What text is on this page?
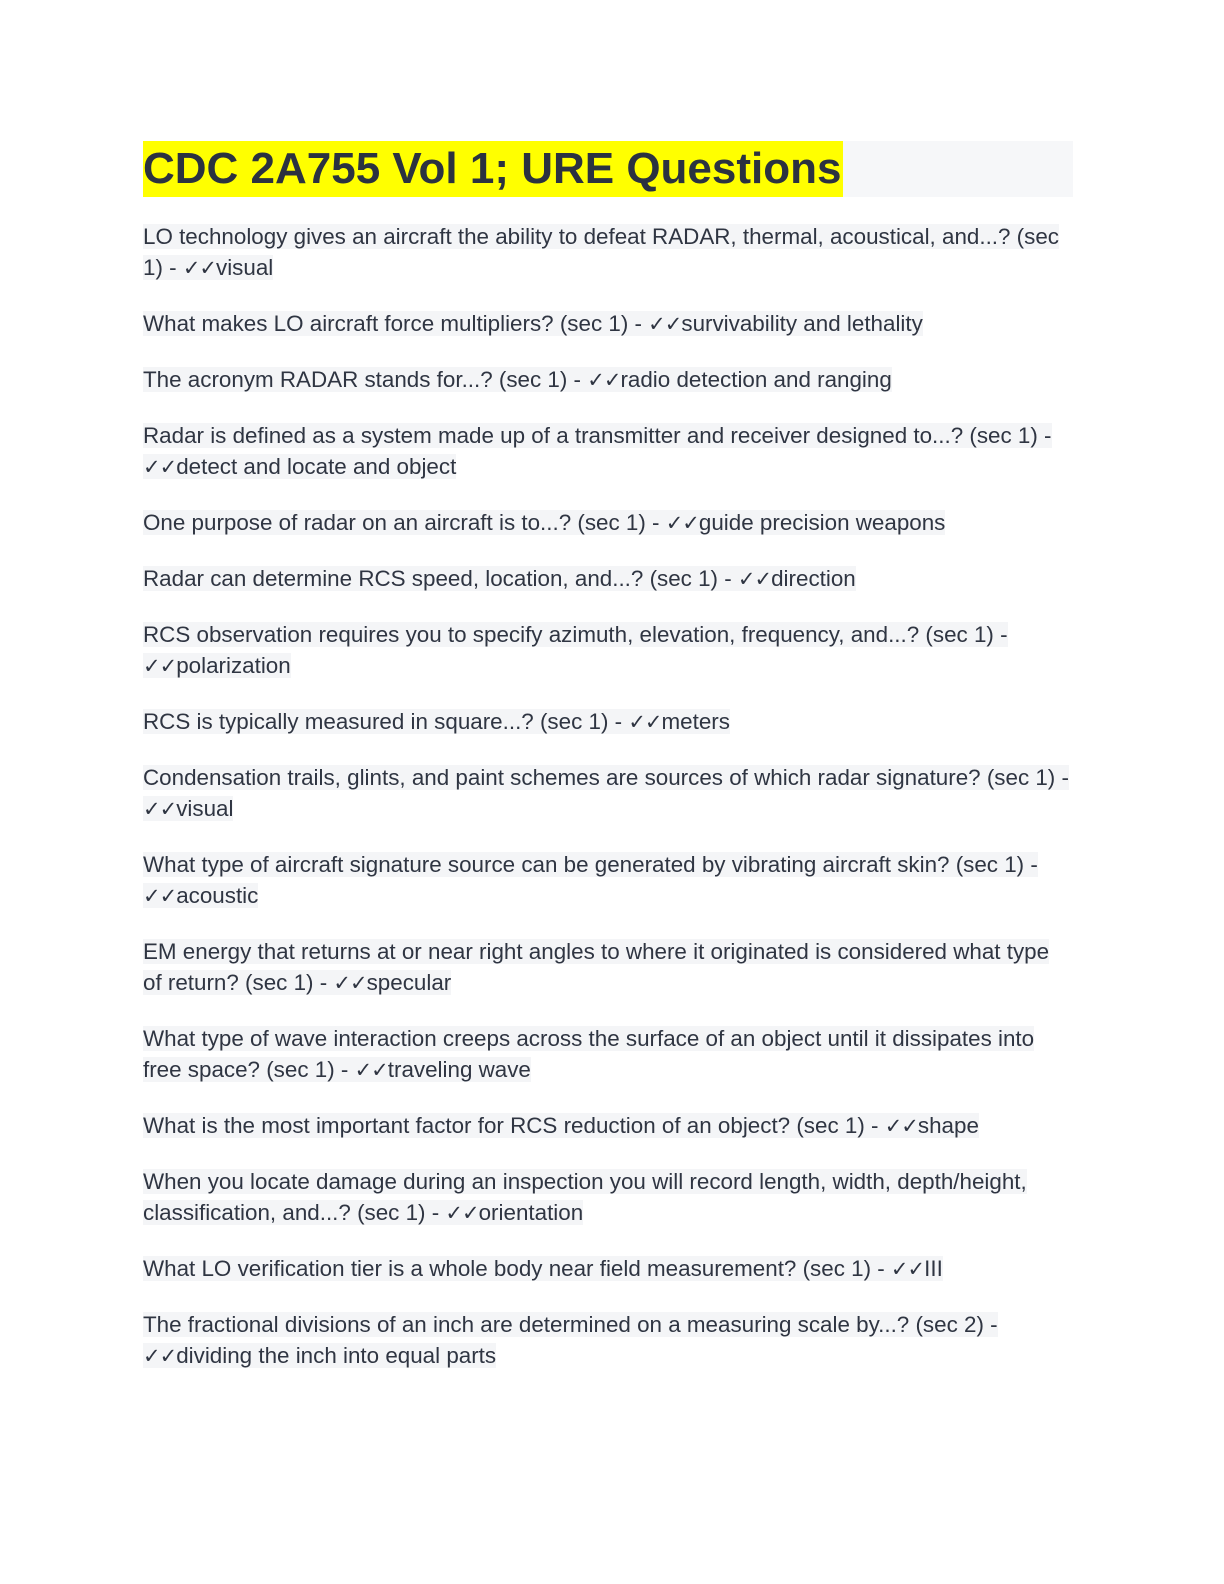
CDC 2A755 Vol 1; URE Questions

LO technology gives an aircraft the ability to defeat RADAR, thermal, acoustical, and...? (sec 1) - ✓✓visual

What makes LO aircraft force multipliers? (sec 1) - ✓✓survivability and lethality

The acronym RADAR stands for...? (sec 1) - ✓✓radio detection and ranging

Radar is defined as a system made up of a transmitter and receiver designed to...? (sec 1) - ✓✓detect and locate and object

One purpose of radar on an aircraft is to...? (sec 1) - ✓✓guide precision weapons

Radar can determine RCS speed, location, and...? (sec 1) - ✓✓direction

RCS observation requires you to specify azimuth, elevation, frequency, and...? (sec 1) - ✓✓polarization

RCS is typically measured in square...? (sec 1) - ✓✓meters

Condensation trails, glints, and paint schemes are sources of which radar signature? (sec 1) - ✓✓visual

What type of aircraft signature source can be generated by vibrating aircraft skin? (sec 1) - ✓✓acoustic

EM energy that returns at or near right angles to where it originated is considered what type of return? (sec 1) - ✓✓specular

What type of wave interaction creeps across the surface of an object until it dissipates into free space? (sec 1) - ✓✓traveling wave

What is the most important factor for RCS reduction of an object? (sec 1) - ✓✓shape

When you locate damage during an inspection you will record length, width, depth/height, classification, and...? (sec 1) - ✓✓orientation

What LO verification tier is a whole body near field measurement? (sec 1) - ✓✓III

The fractional divisions of an inch are determined on a measuring scale by...? (sec 2) - ✓✓dividing the inch into equal parts
